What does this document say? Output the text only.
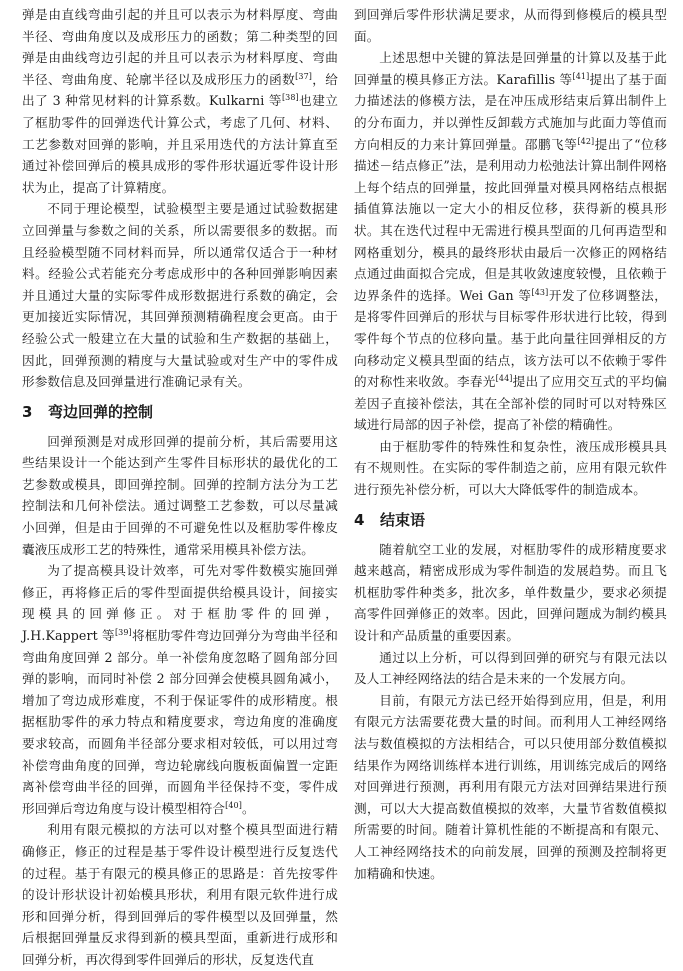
弹是由直线弯曲引起的并且可以表示为材料厚度、弯曲半径、弯曲角度以及成形压力的函数；第二种类型的回弹是由曲线弯边引起的并且可以表示为材料厚度、弯曲半径、弯曲角度、轮廓半径以及成形压力的函数[37]，给出了 3 种常见材料的计算系数。Kulkarni 等[38]也建立了框肋零件的回弹迭代计算公式，考虑了几何、材料、工艺参数对回弹的影响，并且采用迭代的方法计算直至通过补偿回弹后的模具成形的零件形状逼近零件设计形状为止，提高了计算精度。

不同于理论模型，试验模型主要是通过试验数据建立回弹量与参数之间的关系，所以需要很多的数据。而且经验模型随不同材料而异，所以通常仅适合于一种材料。经验公式若能充分考虑成形中的各种回弹影响因素并且通过大量的实际零件成形数据进行系数的确定，会更加接近实际情况，其回弹预测精确程度会更高。由于经验公式一般建立在大量的试验和生产数据的基础上，因此，回弹预测的精度与大量试验或对生产中的零件成形参数信息及回弹量进行准确记录有关。

3 弯边回弹的控制

回弹预测是对成形回弹的提前分析，其后需要用这些结果设计一个能达到产生零件目标形状的最优化的工艺参数或模具，即回弹控制。回弹的控制方法分为工艺控制法和几何补偿法。通过调整工艺参数，可以尽量减小回弹，但是由于回弹的不可避免性以及框肋零件橡皮囊液压成形工艺的特殊性，通常采用模具补偿方法。

为了提高模具设计效率，可先对零件数模实施回弹修正，再将修正后的零件型面提供给模具设计，间接实现模具的回弹修正。对于框肋零件的回弹，J.H.Kappert 等[39]将框肋零件弯边回弹分为弯曲半径和弯曲角度回弹 2 部分。单一补偿角度忽略了圆角部分回弹的影响，而同时补偿 2 部分回弹会使模具圆角减小，增加了弯边成形难度，不利于保证零件的成形精度。根据框肋零件的承力特点和精度要求，弯边角度的准确度要求较高，而圆角半径部分要求相对较低，可以用过弯补偿弯曲角度的回弹，弯边轮廓线向腹板面偏置一定距离补偿弯曲半径的回弹，而圆角半径保持不变，零件成形回弹后弯边角度与设计模型相符合[40]。

利用有限元模拟的方法可以对整个模具型面进行精确修正，修正的过程是基于零件设计模型进行反复迭代的过程。基于有限元的模具修正的思路是：首先按零件的设计形状设计初始模具形状，利用有限元软件进行成形和回弹分析，得到回弹后的零件模型以及回弹量，然后根据回弹量反求得到新的模具型面，重新进行成形和回弹分析，再次得到零件回弹后的形状，反复迭代直

到回弹后零件形状满足要求，从而得到修模后的模具型面。

上述思想中关键的算法是回弹量的计算以及基于此回弹量的模具修正方法。Karafillis 等[41]提出了基于面力描述法的修模方法，是在冲压成形结束后算出制件上的分布面力，并以弹性反卸载方式施加与此面力等值而方向相反的力来计算回弹量。邵鹏飞等[42]提出了“位移描述－结点修正”法，是利用动力松弛法计算出制件网格上每个结点的回弹量，按此回弹量对模具网格结点根据插值算法施以一定大小的相反位移，获得新的模具形状。其在迭代过程中无需进行模具型面的几何再造型和网格重划分，模具的最终形状由最后一次修正的网格结点通过曲面拟合完成，但是其收敛速度较慢，且依赖于边界条件的选择。Wei Gan 等[43]开发了位移调整法，是将零件回弹后的形状与目标零件形状进行比较，得到零件每个节点的位移向量。基于此向量往回弹相反的方向移动定义模具型面的结点，该方法可以不依赖于零件的对称性来收敛。李春光[44]提出了应用交互式的平均偏差因子直接补偿法，其在全部补偿的同时可以对特殊区域进行局部的因子补偿，提高了补偿的精确性。

由于框肋零件的特殊性和复杂性，液压成形模具具有不规则性。在实际的零件制造之前，应用有限元软件进行预先补偿分析，可以大大降低零件的制造成本。

4 结束语

随着航空工业的发展，对框肋零件的成形精度要求越来越高，精密成形成为零件制造的发展趋势。而且飞机框肋零件种类多，批次多，单件数量少，要求必须提高零件回弹修正的效率。因此，回弹问题成为制约模具设计和产品质量的重要因素。

通过以上分析，可以得到回弹的研究与有限元法以及人工神经网络法的结合是未来的一个发展方向。

目前，有限元方法已经开始得到应用，但是，利用有限元方法需要花费大量的时间。而利用人工神经网络法与数值模拟的方法相结合，可以只使用部分数值模拟结果作为网络训练样本进行训练，用训练完成后的网络对回弹进行预测，再利用有限元方法对回弹结果进行预测，可以大大提高数值模拟的效率，大量节省数值模拟所需要的时间。随着计算机性能的不断提高和有限元、人工神经网络技术的向前发展，回弹的预测及控制将更加精确和快速。
